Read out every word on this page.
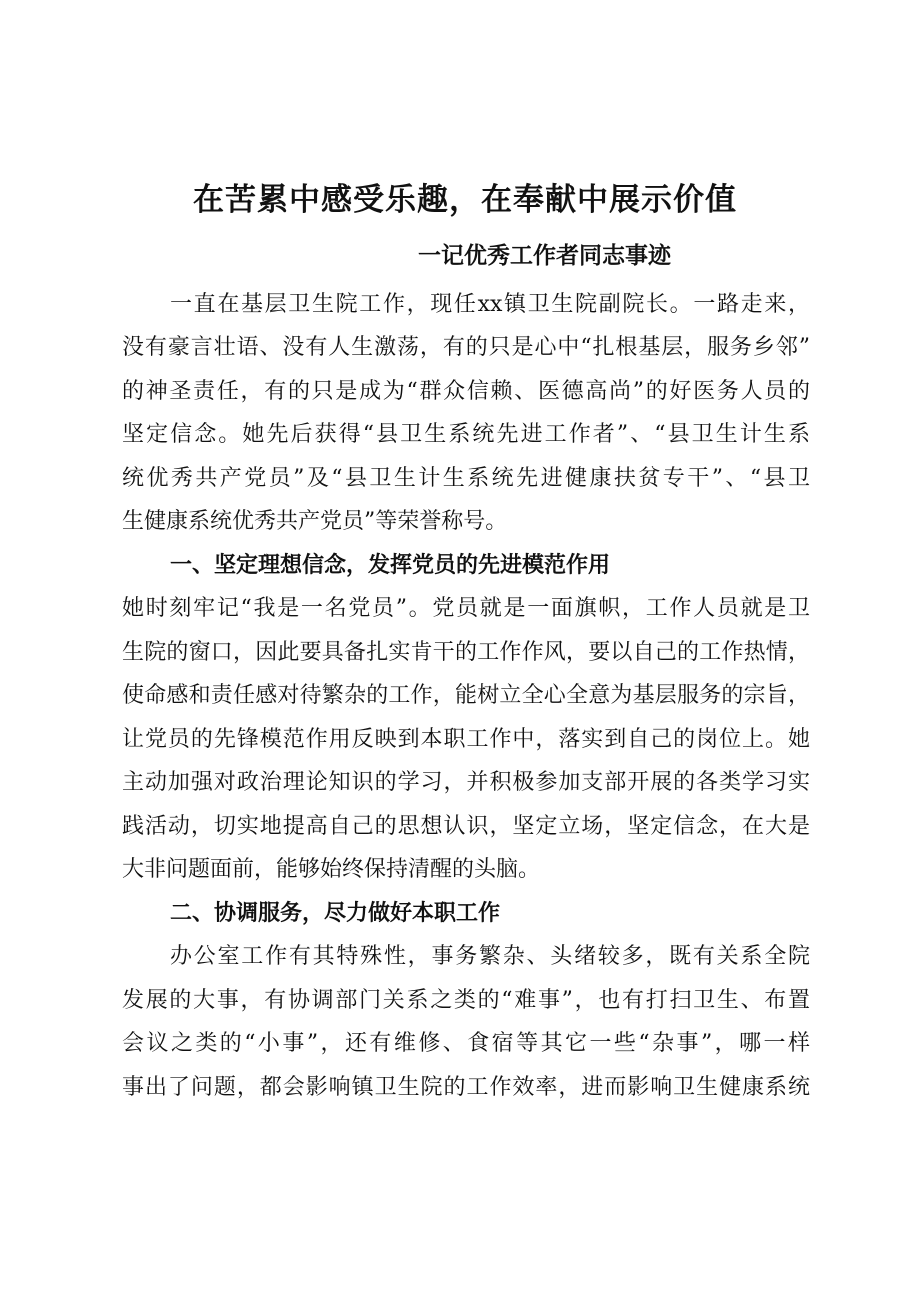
在苦累中感受乐趣，在奉献中展示价值
一记优秀工作者同志事迹
一直在基层卫生院工作，现任xx镇卫生院副院长。一路走来，
没有豪言壮语、没有人生激荡，有的只是心中“扎根基层，服务乡邻”
的神圣责任，有的只是成为“群众信赖、医德高尚”的好医务人员的
坚定信念。她先后获得“县卫生系统先进工作者”、“县卫生计生系
统优秀共产党员”及“县卫生计生系统先进健康扶贫专干”、“县卫
生健康系统优秀共产党员”等荣誉称号。
一、坚定理想信念，发挥党员的先进模范作用
她时刻牢记“我是一名党员”。党员就是一面旗帜，工作人员就是卫
生院的窗口，因此要具备扎实肯干的工作作风，要以自己的工作热情，
使命感和责任感对待繁杂的工作，能树立全心全意为基层服务的宗旨，
让党员的先锋模范作用反映到本职工作中，落实到自己的岗位上。她
主动加强对政治理论知识的学习，并积极参加支部开展的各类学习实
践活动，切实地提高自己的思想认识，坚定立场，坚定信念，在大是
大非问题面前，能够始终保持清醒的头脑。
二、协调服务，尽力做好本职工作
办公室工作有其特殊性，事务繁杂、头绪较多，既有关系全院
发展的大事，有协调部门关系之类的“难事”，也有打扫卫生、布置
会议之类的“小事”，还有维修、食宿等其它一些“杂事”，哪一样
事出了问题，都会影响镇卫生院的工作效率，进而影响卫生健康系统
